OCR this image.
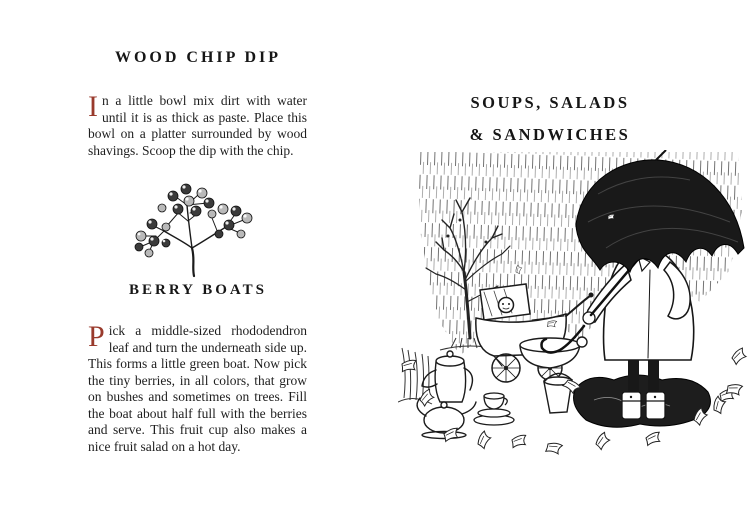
WOOD CHIP DIP
In a little bowl mix dirt with water until it is as thick as paste. Place this bowl on a platter surrounded by wood shavings. Scoop the dip with the chip.
BERRY BOATS
Pick a middle-sized rhododendron leaf and turn the underneath side up. This forms a little green boat. Now pick the tiny berries, in all colors, that grow on bushes and sometimes on trees. Fill the boat about half full with the berries and serve. This fruit cup also makes a nice fruit salad on a hot day.
SOUPS, SALADS
& SANDWICHES
